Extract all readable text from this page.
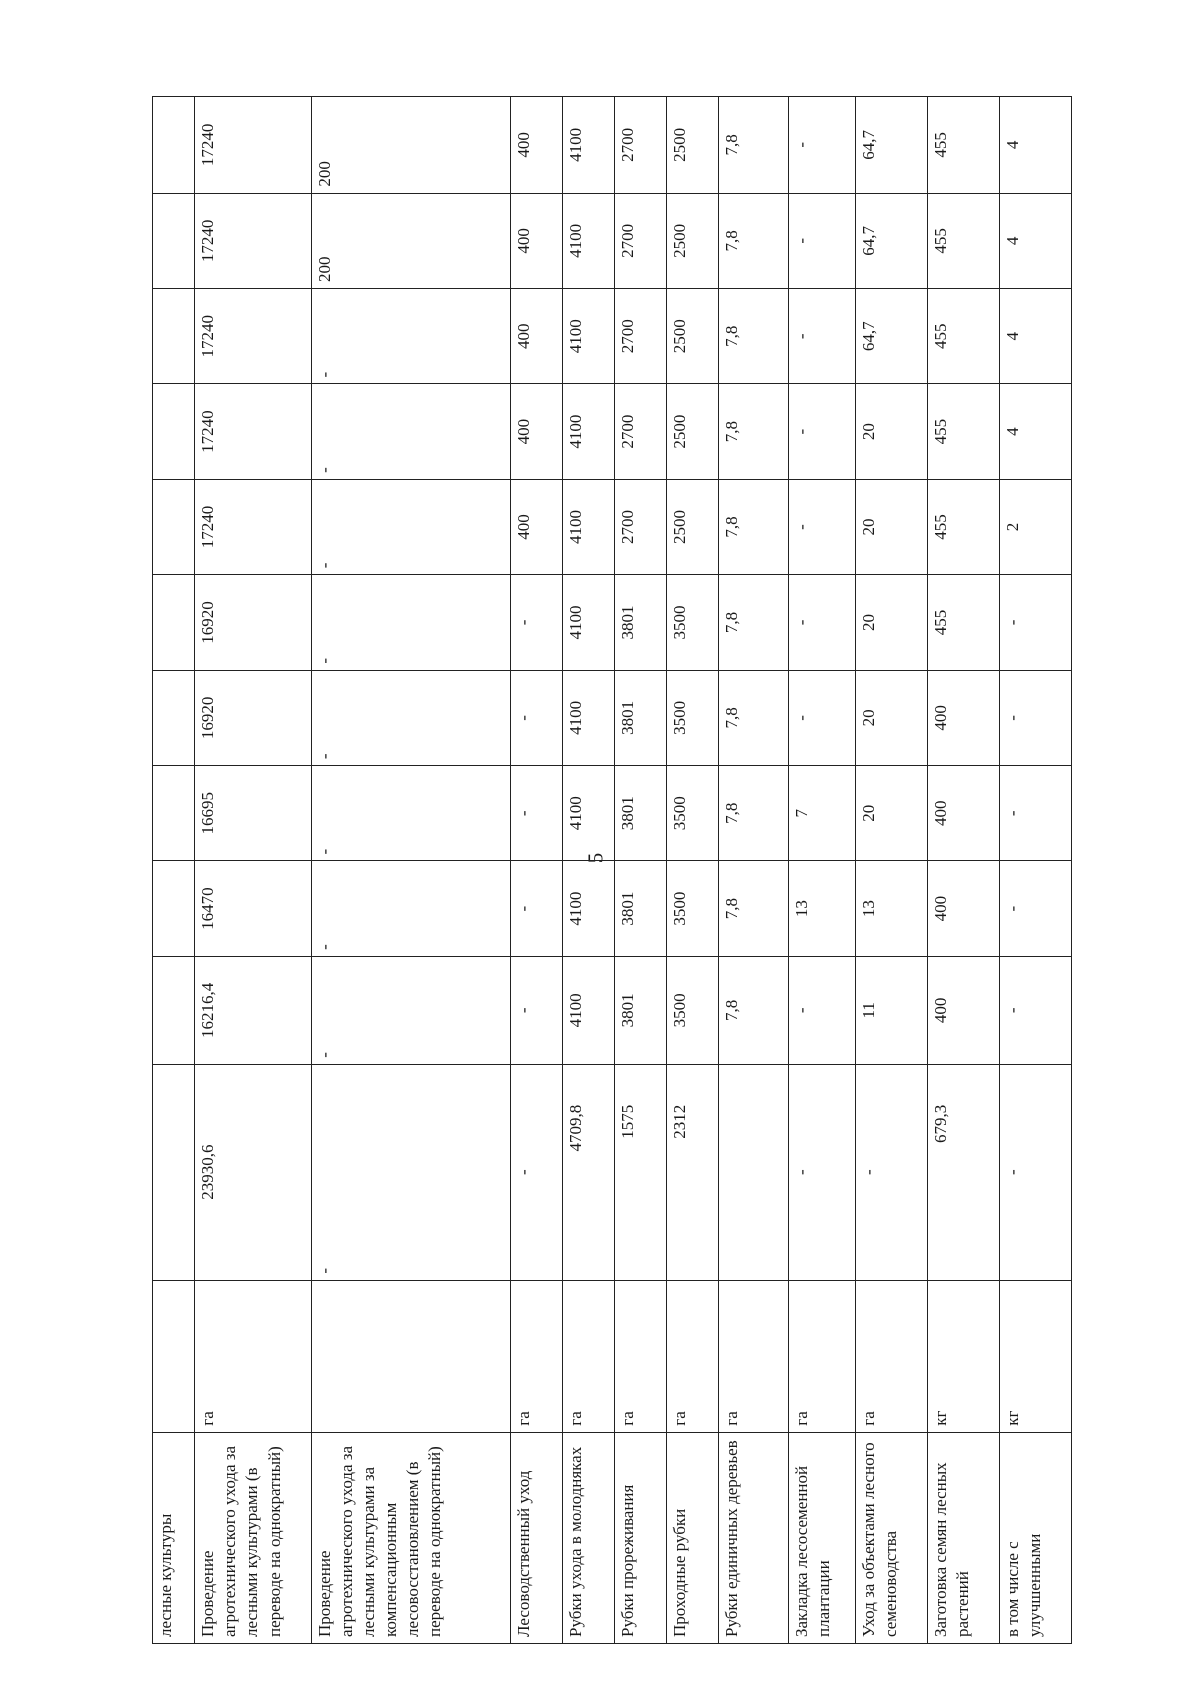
5
лесные культуры												
Проведение агротехнического ухода за лесными культурами (в переводе на однократный)	га	23930,6	16216,4	16470	16695	16920	16920	17240	17240	17240	17240	17240
Проведение агротехнического ухода за лесными культурами за компенсационным лесовосстановлением (в переводе на однократный)		-	-	-	-	-	-	-	-	-	200	200
Лесоводственный уход	га	-	-	-	-	-	-	400	400	400	400	400
Рубки ухода в молодняках	га	4709,8	4100	4100	4100	4100	4100	4100	4100	4100	4100	4100
Рубки прореживания	га	1575	3801	3801	3801	3801	3801	2700	2700	2700	2700	2700
Проходные рубки	га	2312	3500	3500	3500	3500	3500	2500	2500	2500	2500	2500
Рубки единичных деревьев	га		7,8	7,8	7,8	7,8	7,8	7,8	7,8	7,8	7,8	7,8
Закладка лесосеменной плантации	га	-	-	13	7	-	-	-	-	-	-	-
Уход за объектами лесного семеноводства	га	-	11	13	20	20	20	20	20	64,7	64,7	64,7
Заготовка семян лесных растений	кг	679,3	400	400	400	400	455	455	455	455	455	455
в том числе с улучшенными	кг	-	-	-	-	-	-	2	4	4	4	4
